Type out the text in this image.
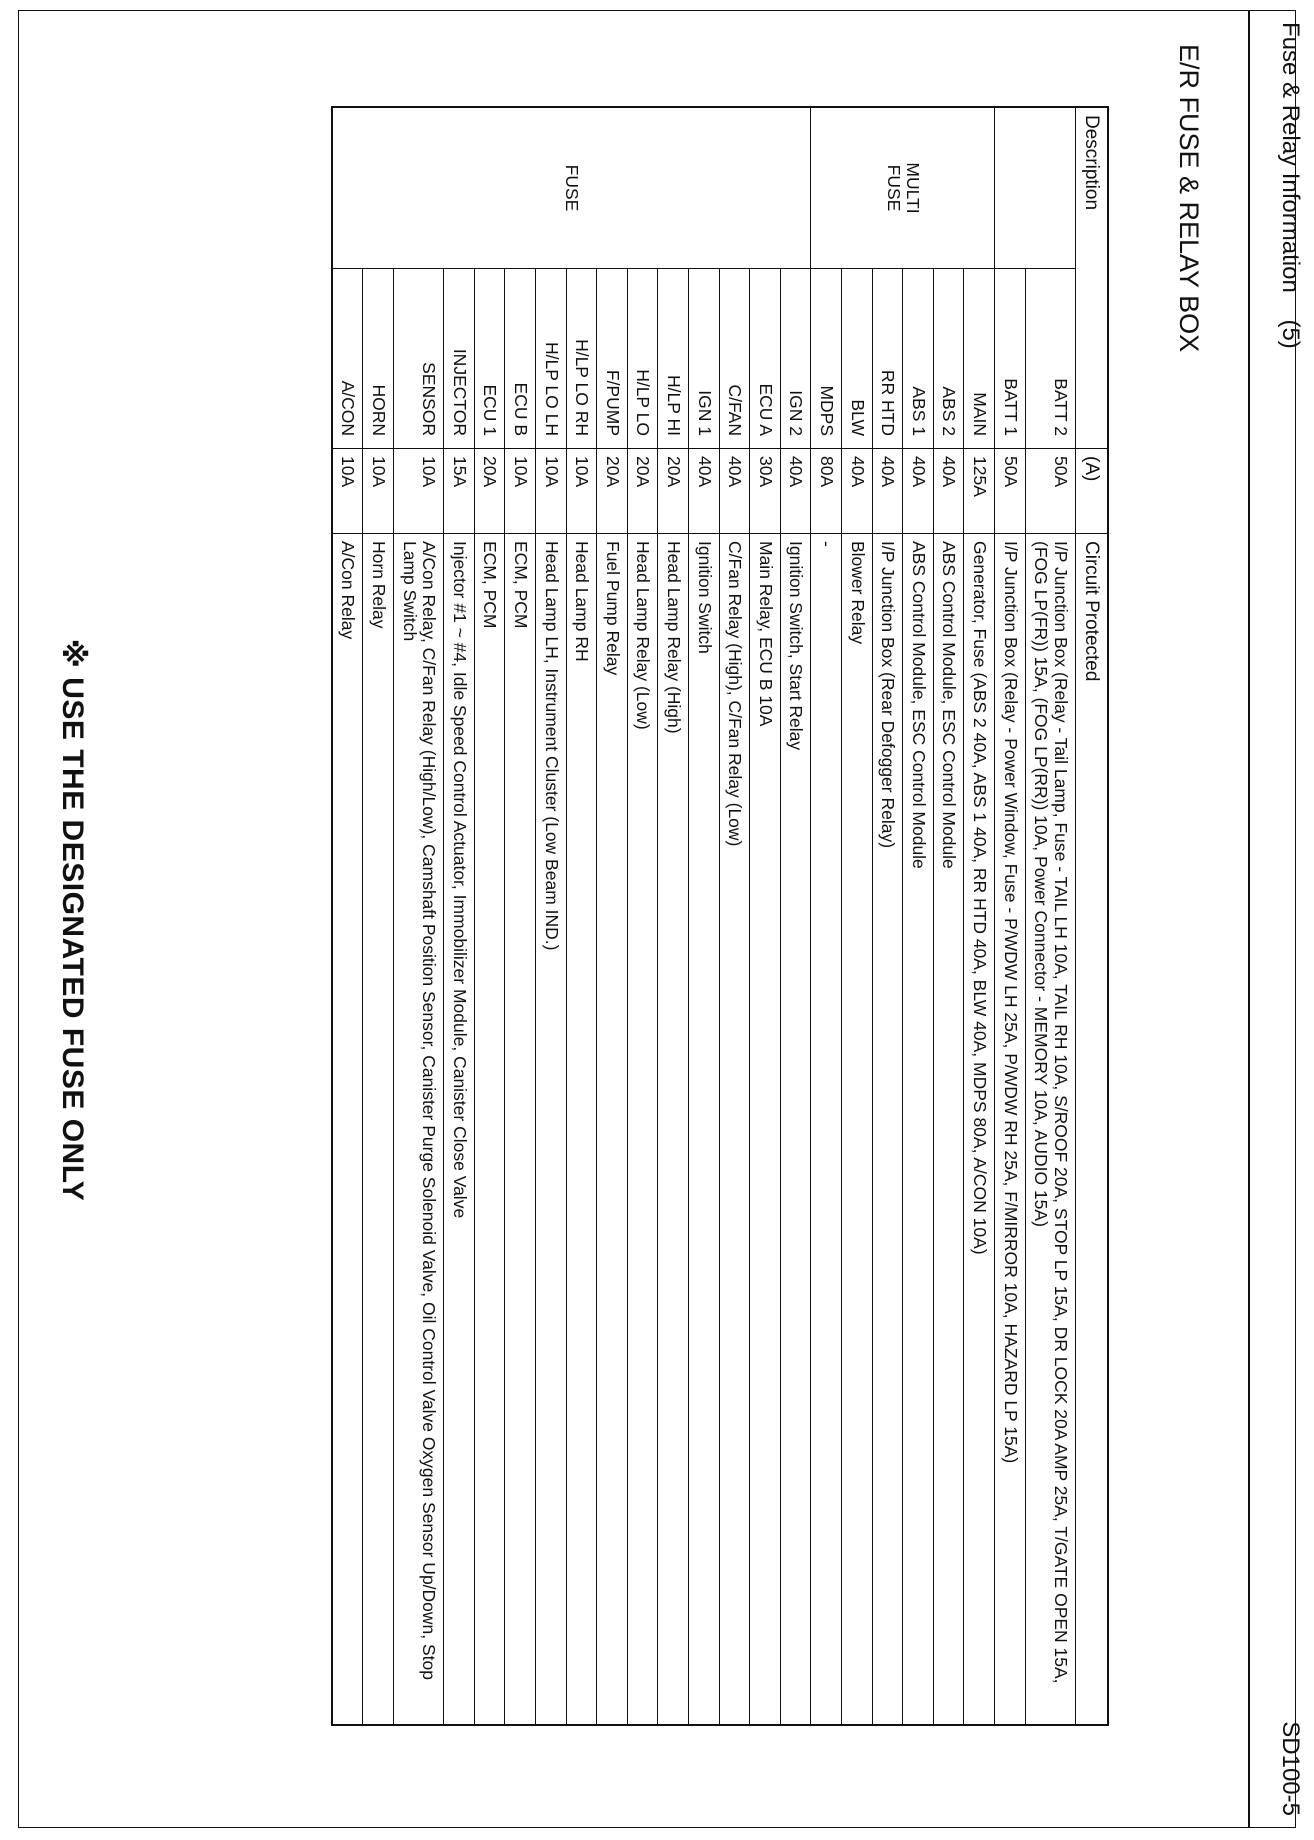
Fuse & Relay Information    (5)
SD100-5
E/R FUSE & RELAY BOX
Description		(A)	Circuit Protected
	BATT 2	50A	I/P Junction Box (Relay - Tail Lamp, Fuse - TAIL LH 10A, TAIL RH 10A, S/ROOF 20A, STOP LP 15A, DR LOCK 20A AMP 25A, T/GATE OPEN 15A, (FOG LP(FR)) 15A, (FOG LP(RR)) 10A, Power Connector - MEMORY 10A, AUDIO 15A)
	BATT 1	50A	I/P Junction Box (Relay - Power Window, Fuse - P/WDW LH 25A, P/WDW RH 25A, F/MIRROR 10A, HAZARD LP 15A)

MULTI
FUSE	MAIN	125A	Generator, Fuse (ABS 2 40A, ABS 1 40A, RR HTD 40A, BLW 40A, MDPS 80A, A/CON 10A)
	ABS 2	40A	ABS Control Module, ESC Control Module
	ABS 1	40A	ABS Control Module, ESC Control Module
	RR HTD	40A	I/P Junction Box (Rear Defogger Relay)
	BLW	40A	Blower Relay
	MDPS	80A	-

FUSE	IGN 2	40A	Ignition Switch, Start Relay
	ECU A	30A	Main Relay, ECU B 10A
	C/FAN	40A	C/Fan Relay (High), C/Fan Relay (Low)
	IGN 1	40A	Ignition Switch
	H/LP HI	20A	Head Lamp Relay (High)
	H/LP LO	20A	Head Lamp Relay (Low)
	F/PUMP	20A	Fuel Pump Relay
	H/LP LO RH	10A	Head Lamp RH
	H/LP LO LH	10A	Head Lamp LH, Instrument Cluster (Low Beam IND.)
	ECU B	10A	ECM, PCM
	ECU 1	20A	ECM, PCM
	INJECTOR	15A	Injector #1 ~ #4, Idle Speed Control Actuator, Immobilizer Module, Canister Close Valve
	SENSOR	10A	A/Con Relay, C/Fan Relay (High/Low), Camshaft Position Sensor, Canister Purge Solenoid Valve, Oil Control Valve Oxygen Sensor Up/Down, Stop Lamp Switch
	HORN	10A	Horn Relay
	A/CON	10A	A/Con Relay
※ USE THE DESIGNATED FUSE ONLY
